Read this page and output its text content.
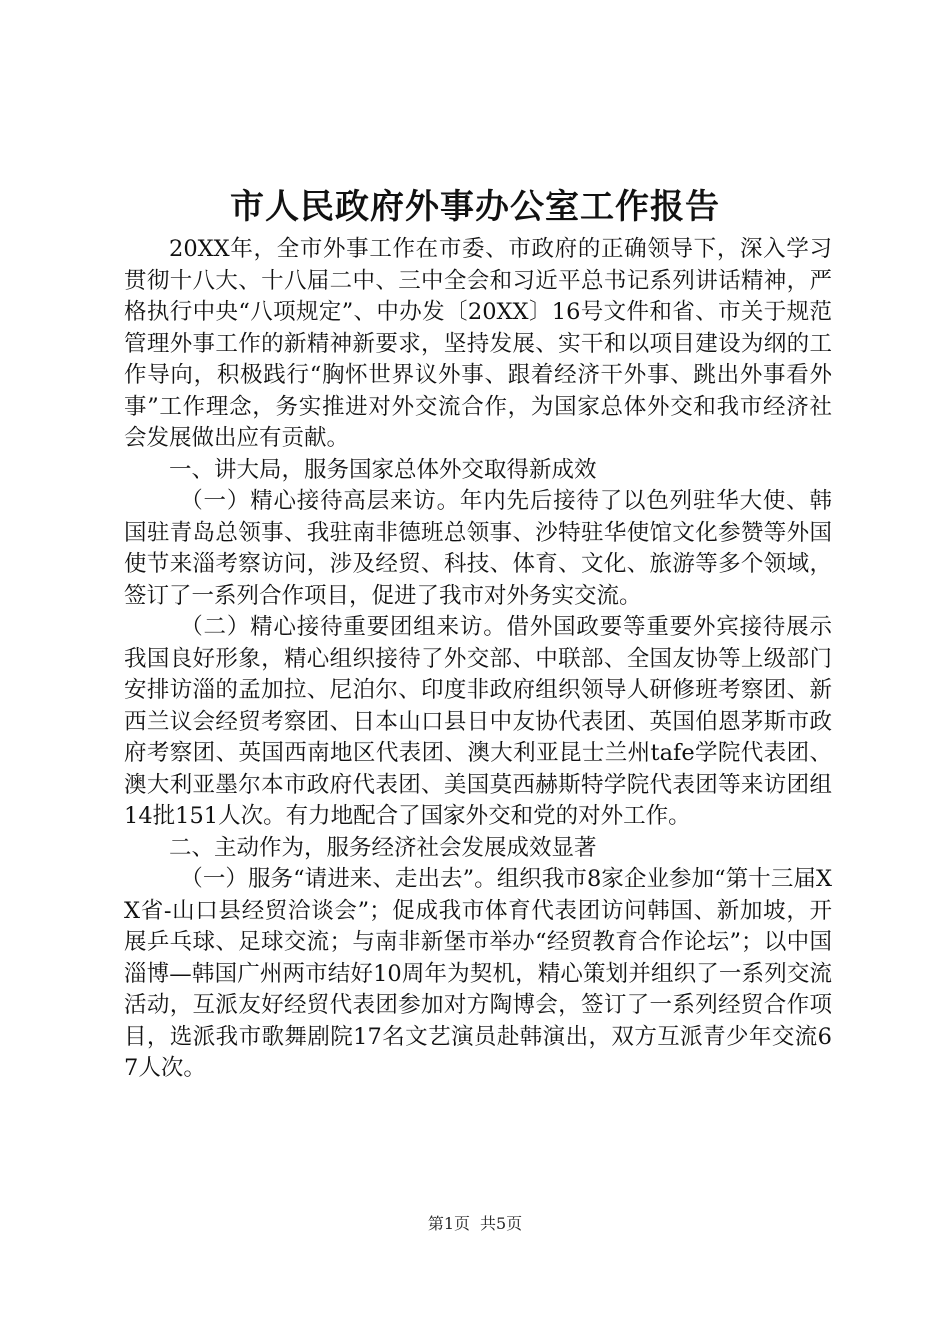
市人民政府外事办公室工作报告

20XX年，全市外事工作在市委、市政府的正确领导下，深入学习贯彻十八大、十八届二中、三中全会和习近平总书记系列讲话精神，严格执行中央“八项规定”、中办发〔20XX〕16号文件和省、市关于规范管理外事工作的新精神新要求，坚持发展、实干和以项目建设为纲的工作导向，积极践行“胸怀世界议外事、跟着经济干外事、跳出外事看外事”工作理念，务实推进对外交流合作，为国家总体外交和我市经济社会发展做出应有贡献。

一、讲大局，服务国家总体外交取得新成效

（一）精心接待高层来访。年内先后接待了以色列驻华大使、韩国驻青岛总领事、我驻南非德班总领事、沙特驻华使馆文化参赞等外国使节来淄考察访问，涉及经贸、科技、体育、文化、旅游等多个领域，签订了一系列合作项目，促进了我市对外务实交流。

（二）精心接待重要团组来访。借外国政要等重要外宾接待展示我国良好形象，精心组织接待了外交部、中联部、全国友协等上级部门安排访淄的孟加拉、尼泊尔、印度非政府组织领导人研修班考察团、新西兰议会经贸考察团、日本山口县日中友协代表团、英国伯恩茅斯市政府考察团、英国西南地区代表团、澳大利亚昆士兰州tafe学院代表团、澳大利亚墨尔本市政府代表团、美国莫西赫斯特学院代表团等来访团组14批151人次。有力地配合了国家外交和党的对外工作。

二、主动作为，服务经济社会发展成效显著

（一）服务“请进来、走出去”。组织我市8家企业参加“第十三届XX省-山口县经贸洽谈会”；促成我市体育代表团访问韩国、新加坡，开展乒乓球、足球交流；与南非新堡市举办“经贸教育合作论坛”；以中国淄博—韩国广州两市结好10周年为契机，精心策划并组织了一系列交流活动，互派友好经贸代表团参加对方陶博会，签订了一系列经贸合作项目，选派我市歌舞剧院17名文艺演员赴韩演出，双方互派青少年交流67人次。

第1页 共5页
